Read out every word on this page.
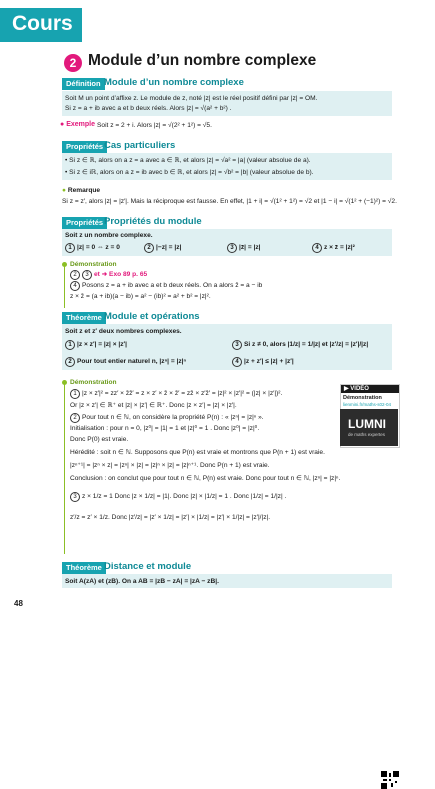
Cours
2 Module d’un nombre complexe
Définition Module d’un nombre complexe
Soit M un point d’affixe z. Le module de z, noté |z| est le réel positif défini par |z| = OM.
Si z = a + ib avec a et b deux réels. Alors |z| = √(a² + b²) .
● Exemple Soit z = 2 + i. Alors |z| = √(2² + 1²) = √5.
Propriétés Cas particuliers
• Si z ∈ ℝ, alors on a z = a avec a ∈ ℝ, et alors |z| = √a² = |a| (valeur absolue de a).
• Si z ∈ iℝ, alors on a z = ib avec b ∈ ℝ, et alors |z| = √b² = |b| (valeur absolue de b).
● Remarque
Si z = z′, alors |z| = |z′|. Mais la réciproque est fausse. En effet, |1 + i| = √(1² + 1²) = √2 et |1 − i| = √(1² + (−1)²) = √2.
Propriétés Propriétés du module
Soit z un nombre complexe.
1 |z| = 0 ⇔ z = 0	2 |−z| = |z|	3 |z̄| = |z|	4 z × z̄ = |z|²
Démonstration
2 3 et ➜ Exo 89 p. 65
4 Posons z = a + ib avec a et b deux réels. On a alors z̄ = a − ib
z × z̄ = (a + ib)(a − ib) = a² − (ib)² = a² + b² = |z|².
Théorème Module et opérations
Soit z et z′ deux nombres complexes.
1 |z × z′| = |z| × |z′|	3 Si z ≠ 0, alors |1/z| = 1/|z| et |z′/z| = |z′|/|z|
2 Pour tout entier naturel n, |zⁿ| = |z|ⁿ	4 |z + z′| ≤ |z| + |z′|
Démonstration
1 |z × z′|² = zz′ × z̄z̄′ = z × z′ × z̄ × z̄′ = zz̄ × z′z̄′ = |z|² × |z′|² = (|z| × |z′|)².
Or |z × z′| ∈ ℝ⁺ et |z| × |z′| ∈ ℝ⁺. Donc |z × z′| = |z| × |z′|.
2 Pour tout n ∈ ℕ, on considère la propriété P(n) : « |zⁿ| = |z|ⁿ ».
Initialisation : pour n = 0, |z⁰| = |1| = 1 et |z|⁰ = 1 . Donc |z⁰| = |z|⁰.
Donc P(0) est vraie.
Hérédité : soit n ∈ ℕ. Supposons que P(n) est vraie et montrons que P(n + 1) est vraie.
|zⁿ⁺¹| = |zⁿ × z| = |zⁿ| × |z| = |z|ⁿ × |z| = |z|ⁿ⁺¹. Donc P(n + 1) est vraie.
Conclusion : on conclut que pour tout n ∈ ℕ, P(n) est vraie. Donc pour tout n ∈ ℕ, |zⁿ| = |z|ⁿ.
3 z × 1/z = 1 Donc |z × 1/z| = |1|. Donc |z| × |1/z| = 1 . Donc |1/z| = 1/|z| .
z′/z = z′ × 1/z. Donc |z′/z| = |z′ × 1/z| = |z′| × |1/z| = |z′| × 1/|z| = |z′|/|z|.
▶ VIDÉO
Démonstration
lienmini.fr/maths-s02-04
LUMNI
de maths expertes
Théorème Distance et module
Soit A(zA) et (zB). On a AB = |zB − zA| = |zA − zB|.
48
